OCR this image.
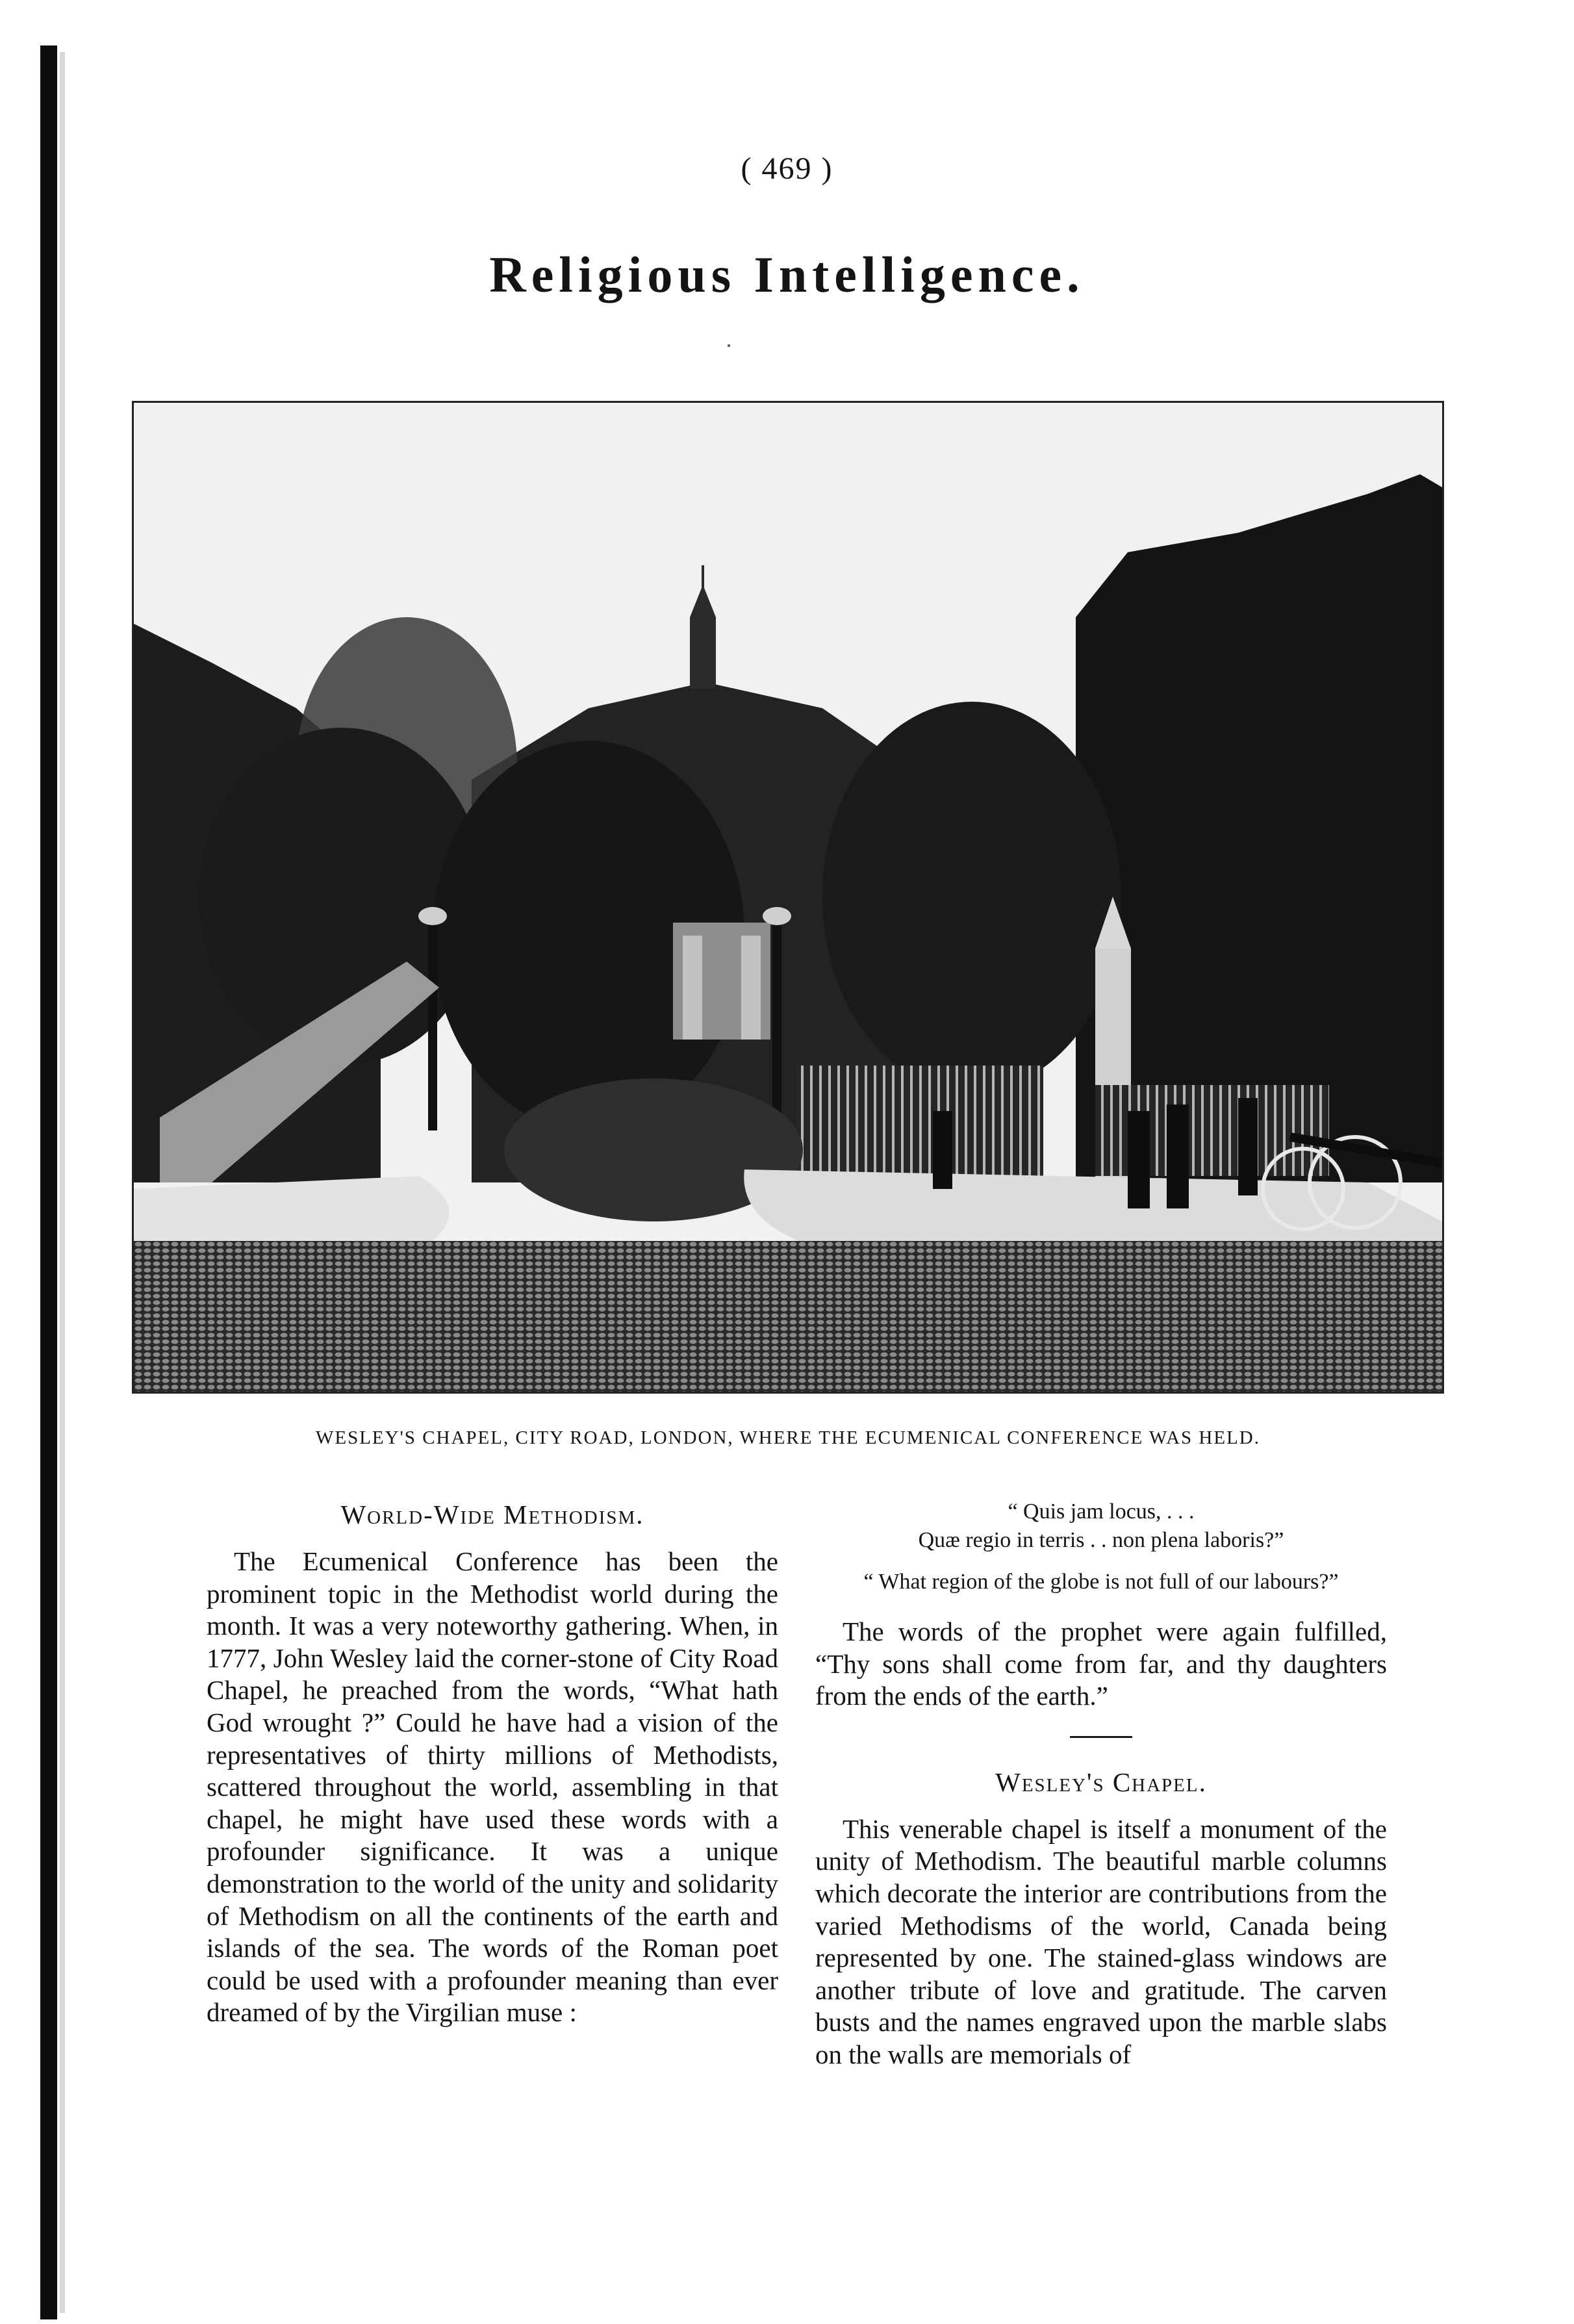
( 469 )
Religious Intelligence.
WESLEY'S CHAPEL, CITY ROAD, LONDON, WHERE THE ECUMENICAL CONFERENCE WAS HELD.
World-Wide Methodism.

The Ecumenical Conference has been the prominent topic in the Methodist world during the month. It was a very noteworthy gathering. When, in 1777, John Wesley laid the corner-stone of City Road Chapel, he preached from the words, “What hath God wrought ?” Could he have had a vision of the representatives of thirty millions of Methodists, scattered throughout the world, assembling in that chapel, he might have used these words with a profounder significance. It was a unique demonstration to the world of the unity and solidarity of Methodism on all the continents of the earth and islands of the sea. The words of the Roman poet could be used with a profounder meaning than ever dreamed of by the Virgilian muse :

“ Quis jam locus, . . .

Quæ regio in terris . . non plena laboris?”

“ What region of the globe is not full of our labours?”

The words of the prophet were again fulfilled, “Thy sons shall come from far, and thy daughters from the ends of the earth.”

Wesley's Chapel.

This venerable chapel is itself a monument of the unity of Methodism. The beautiful marble columns which decorate the interior are contributions from the varied Methodisms of the world, Canada being represented by one. The stained-glass windows are another tribute of love and gratitude. The carven busts and the names engraved upon the marble slabs on the walls are memorials of
